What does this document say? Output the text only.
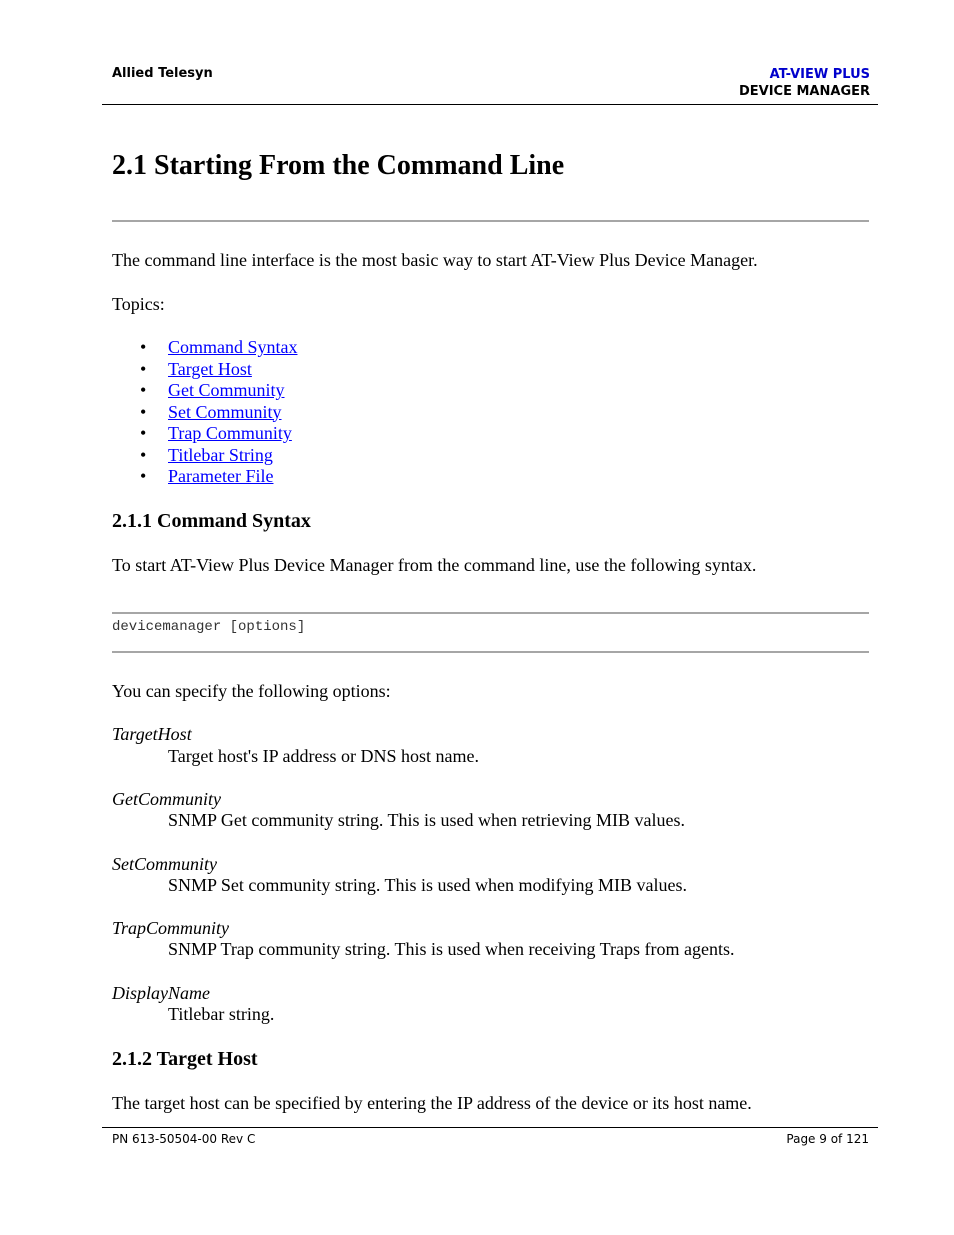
Allied Telesyn	AT-VIEW PLUS
DEVICE MANAGER
2.1 Starting From the Command Line

The command line interface is the most basic way to start AT-View Plus Device Manager.

Topics:

• Command Syntax
• Target Host
• Get Community
• Set Community
• Trap Community
• Titlebar String
• Parameter File
2.1.1 Command Syntax

To start AT-View Plus Device Manager from the command line, use the following syntax.

devicemanager [options]

You can specify the following options:

TargetHost
Target host's IP address or DNS host name.
GetCommunity
SNMP Get community string. This is used when retrieving MIB values.
SetCommunity
SNMP Set community string. This is used when modifying MIB values.
TrapCommunity
SNMP Trap community string. This is used when receiving Traps from agents.
DisplayName
Titlebar string.
2.1.2 Target Host

The target host can be specified by entering the IP address of the device or its host name.

PN 613-50504-00 Rev C	Page 9 of 121
